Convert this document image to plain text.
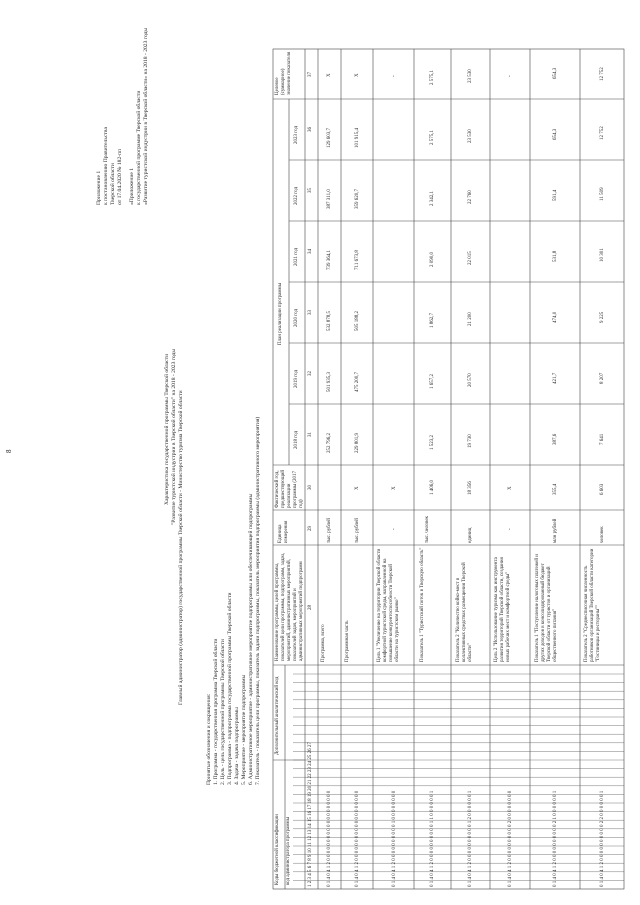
8
Приложение 1 к постановлению Правительства Тверской области от 17.04.2020 № 182-пп «Приложение 1 к государственной программе Тверской области «Развитие туристской индустрии в Тверской области» на 2018 - 2023 годы
Характеристика государственной программы Тверской области "Развитие туристской индустрии в Тверской области" на 2018 - 2023 годы Главный администратор (администратор) государственной программы Тверской области - Министерство туризма Тверской области
Принятые обозначения и сокращения: 1. Программа - государственная программа Тверской области 2. Цель - цель государственной программы Тверской области 3. Подпрограмма - подпрограмма государственной программы Тверской области 4. Задача - задача подпрограммы 5. Мероприятие - мероприятие подпрограммы 6. Административное мероприятие - административное мероприятие подпрограммы или обеспечивающей подпрограммы 7. Показатель - показатель цели программы, показатель задачи подпрограммы, показатель мероприятия подпрограммы (административного мероприятия)
Коды бюджетной классификации код администратора программы
Дополнительный аналитический код
Наименование программы, целей программы, показателей цели программы, подпрограмм, задач, мероприятий, административных мероприятий, показателей задач, мероприятий и административных мероприятий подпрограмм
Единица измерения
Фактический год, предшествующий реализации программы (2017 год)
План реализации программы
2018 год
2019 год
2020 год
2021 год
2022 год
2023 год
Целевое (суммарное) значение показателя
1 2 3 4 5 6 7 8 9 10 11 12 13 14 15 16 17 18 19 20 21 22 23 24 25 26 27
28
29
30
31
32
33
34
35
36
37
0 1 4 0 4 1 2 0 0 0 0 0 0 0 0 0 0 0 0 0 0 0 0 0 0 0
Программа, всего
тыс. рублей
252 796,2
501 935,3
532 878,5
739 364,1
387 311,0
129 603,7
Х
0 1 4 0 4 1 2 0 0 0 0 0 0 0 0 0 0 0 0 0 0 0 0 0 0 0
Программная часть
тыс. рублей
Х
229 801,9
475 200,7
505 188,2
711 673,8
359 620,7
101 915,4
Х
0 1 4 0 4 1 2 0 0 0 0 0 0 0 0 0 0 1 0 0 0 0 0 0 0 0
Цель 1 "Увеличение на территории Тверской области комфортной туристской среды, направленной на повышение конкурентоспособности Тверской области на туристском рынке"
-
Х
-
0 1 4 0 4 1 2 0 0 0 0 0 0 0 0 0 0 1 1 0 0 0 0 0 0 1
Показатель 1 "Туристский поток в Тверскую область"
тыс. человек
1 406,0
1 523,2
1 657,2
1 862,7
2 090,0
2 342,1
2 575,1
2 575,1
0 1 4 0 4 1 2 0 0 0 0 0 0 0 0 0 0 1 2 0 0 0 0 0 0 1
Показатель 2 "Количество койко-мест в коллективных средствах размещения Тверской области"
единиц
18 356
19 730
20 570
21 200
22 015
22 760
23 530
23 530
0 1 4 0 4 1 2 0 0 0 0 0 0 0 0 0 0 2 0 0 0 0 0 0 0 0
Цель 2 "Использование туризма как инструмента развития территорий Тверской области, создания новых рабочих мест и комфортной среды"
-
Х
-
0 1 4 0 4 1 2 0 0 0 0 0 0 0 0 0 0 2 1 0 0 0 0 0 0 1
Показатель 1 "Поступление налоговых платежей и других доходов в консолидированный бюджет Тверской области от туристов и организаций общественного питания"
млн рублей
355,4
387,6
421,7
474,0
531,8
591,4
654,3
654,3
0 1 4 0 4 1 2 0 0 0 0 0 0 0 0 0 0 2 2 0 0 0 0 0 0 1
Показатель 2 "Среднесписочная численность работников организаций Тверской области категории "Гостиницы и рестораны""
человек
6 603
7 641
8 207
9 225
10 301
11 509
12 752
12 752
